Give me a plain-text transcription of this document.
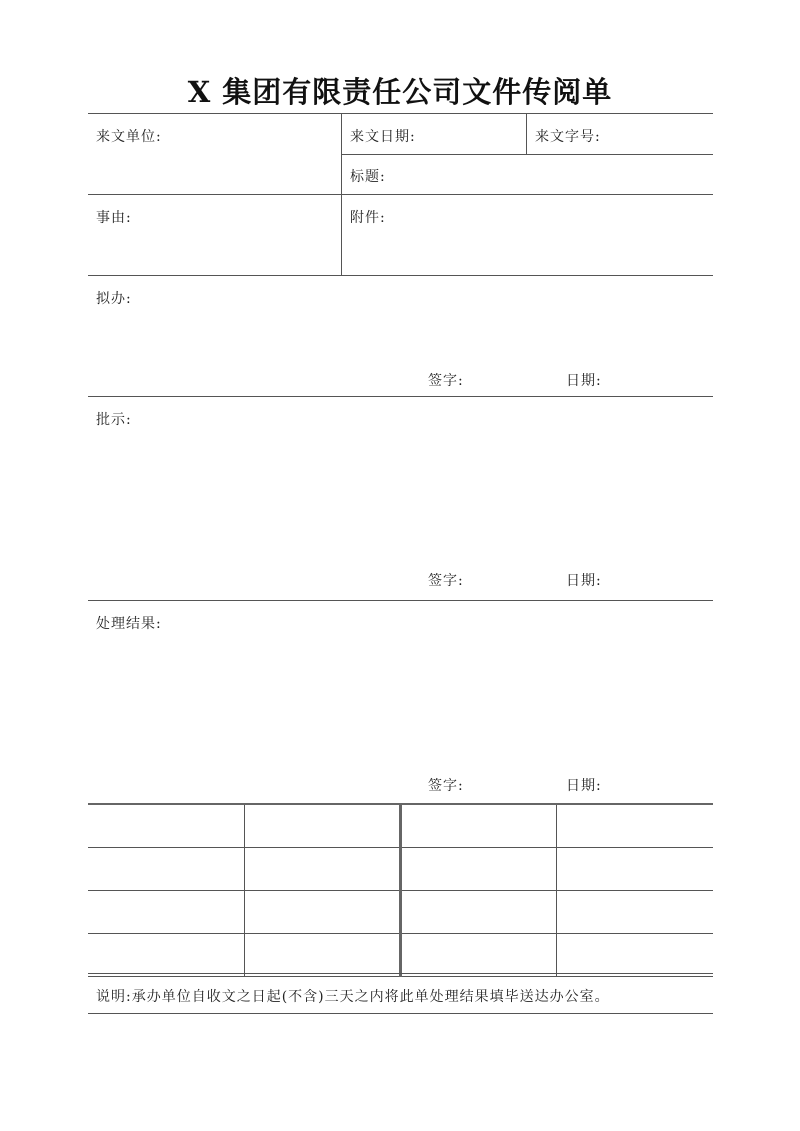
X 集团有限责任公司文件传阅单
来文单位:	来文日期:	来文字号:
标题:
事由:	附件:
拟办:
签字:	日期:
批示:
签字:	日期:
处理结果:
签字:	日期:

说明:承办单位自收文之日起(不含)三天之内将此单处理结果填毕送达办公室。
